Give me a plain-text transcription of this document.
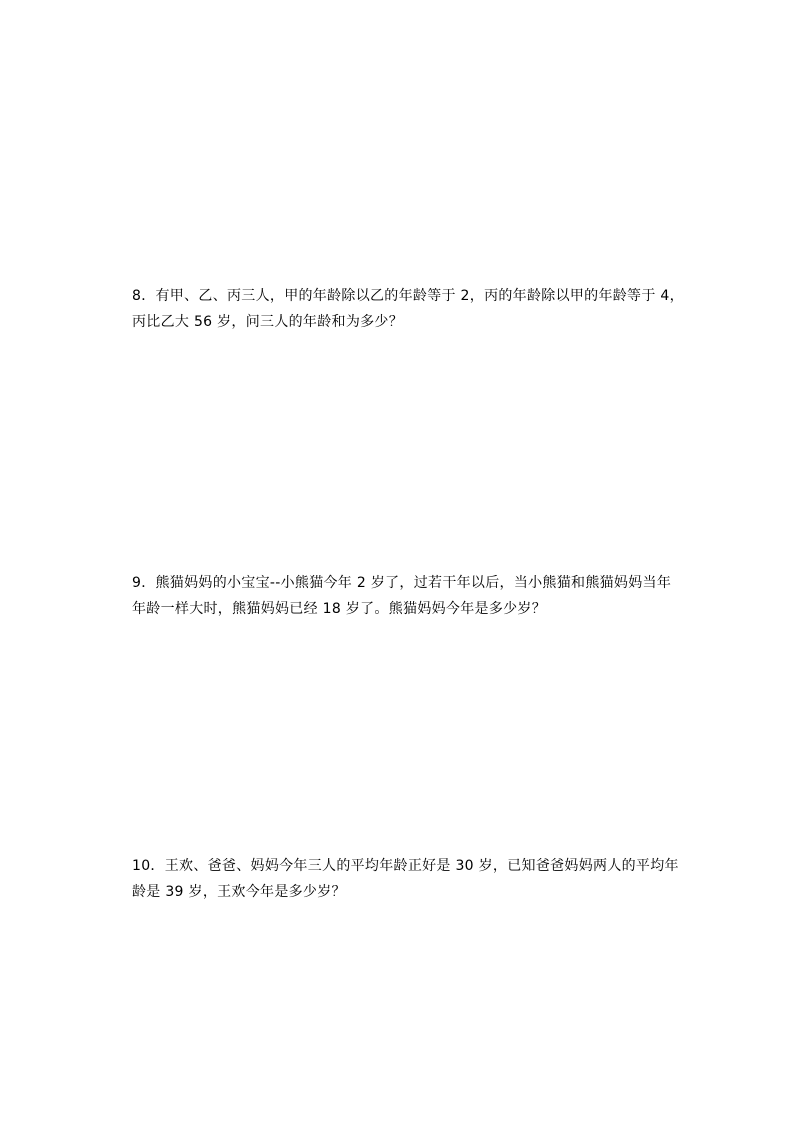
8．有甲、乙、丙三人，甲的年龄除以乙的年龄等于 2，丙的年龄除以甲的年龄等于 4，
丙比乙大 56 岁，问三人的年龄和为多少？
9．熊猫妈妈的小宝宝--小熊猫今年 2 岁了，过若干年以后，当小熊猫和熊猫妈妈当年
年龄一样大时，熊猫妈妈已经 18 岁了。熊猫妈妈今年是多少岁？
10．王欢、爸爸、妈妈今年三人的平均年龄正好是 30 岁，已知爸爸妈妈两人的平均年
龄是 39 岁，王欢今年是多少岁？
